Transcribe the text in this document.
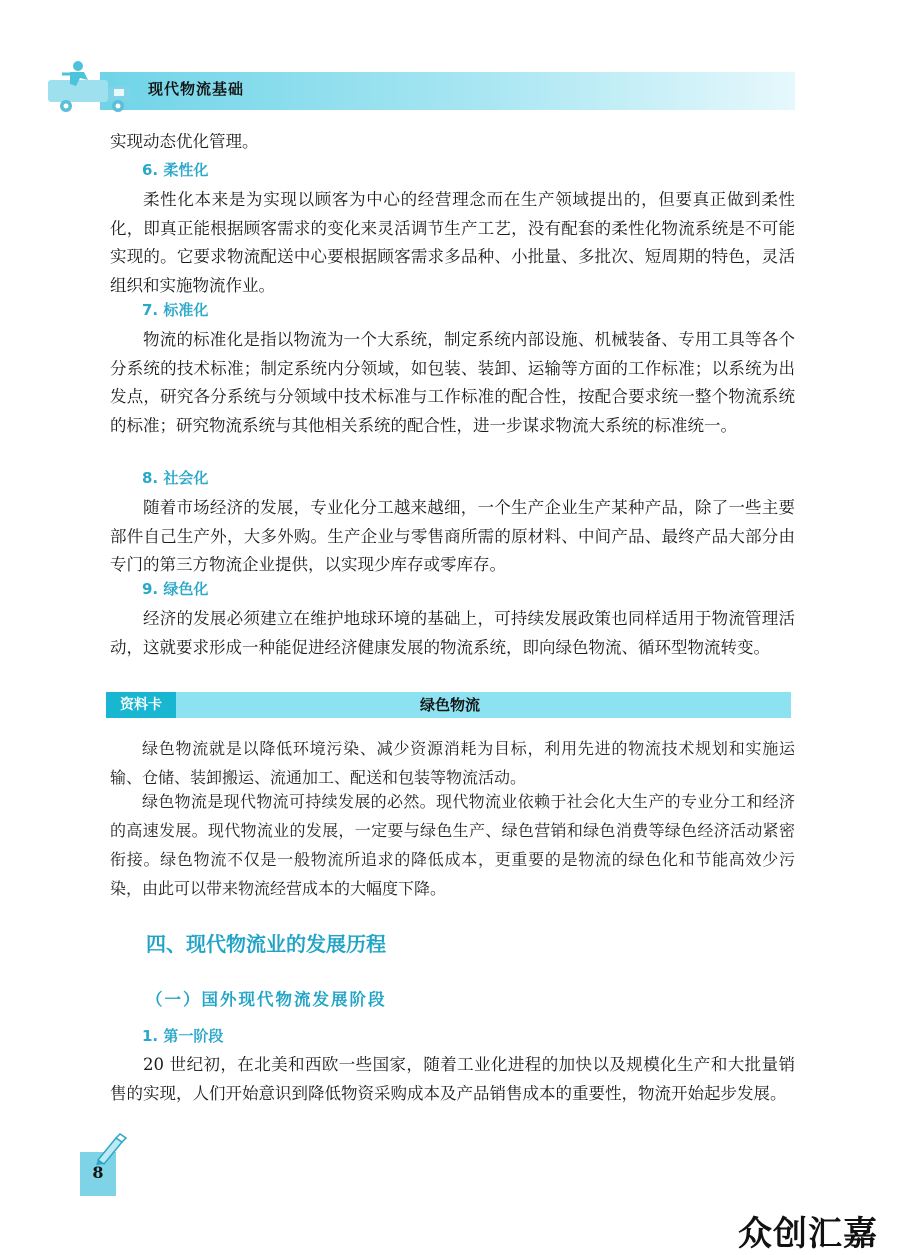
现代物流基础
实现动态优化管理。
6. 柔性化
柔性化本来是为实现以顾客为中心的经营理念而在生产领域提出的，但要真正做到柔性化，即真正能根据顾客需求的变化来灵活调节生产工艺，没有配套的柔性化物流系统是不可能实现的。它要求物流配送中心要根据顾客需求多品种、小批量、多批次、短周期的特色，灵活组织和实施物流作业。
7. 标准化
物流的标准化是指以物流为一个大系统，制定系统内部设施、机械装备、专用工具等各个分系统的技术标准；制定系统内分领域，如包装、装卸、运输等方面的工作标准；以系统为出发点，研究各分系统与分领域中技术标准与工作标准的配合性，按配合要求统一整个物流系统的标准；研究物流系统与其他相关系统的配合性，进一步谋求物流大系统的标准统一。
8. 社会化
随着市场经济的发展，专业化分工越来越细，一个生产企业生产某种产品，除了一些主要部件自己生产外，大多外购。生产企业与零售商所需的原材料、中间产品、最终产品大部分由专门的第三方物流企业提供，以实现少库存或零库存。
9. 绿色化
经济的发展必须建立在维护地球环境的基础上，可持续发展政策也同样适用于物流管理活动，这就要求形成一种能促进经济健康发展的物流系统，即向绿色物流、循环型物流转变。
资料卡	绿色物流
绿色物流就是以降低环境污染、减少资源消耗为目标，利用先进的物流技术规划和实施运输、仓储、装卸搬运、流通加工、配送和包装等物流活动。
绿色物流是现代物流可持续发展的必然。现代物流业依赖于社会化大生产的专业分工和经济的高速发展。现代物流业的发展，一定要与绿色生产、绿色营销和绿色消费等绿色经济活动紧密衔接。绿色物流不仅是一般物流所追求的降低成本，更重要的是物流的绿色化和节能高效少污染，由此可以带来物流经营成本的大幅度下降。
四、现代物流业的发展历程
（一）国外现代物流发展阶段
1. 第一阶段
20 世纪初，在北美和西欧一些国家，随着工业化进程的加快以及规模化生产和大批量销售的实现，人们开始意识到降低物资采购成本及产品销售成本的重要性，物流开始起步发展。
8
众创汇嘉
